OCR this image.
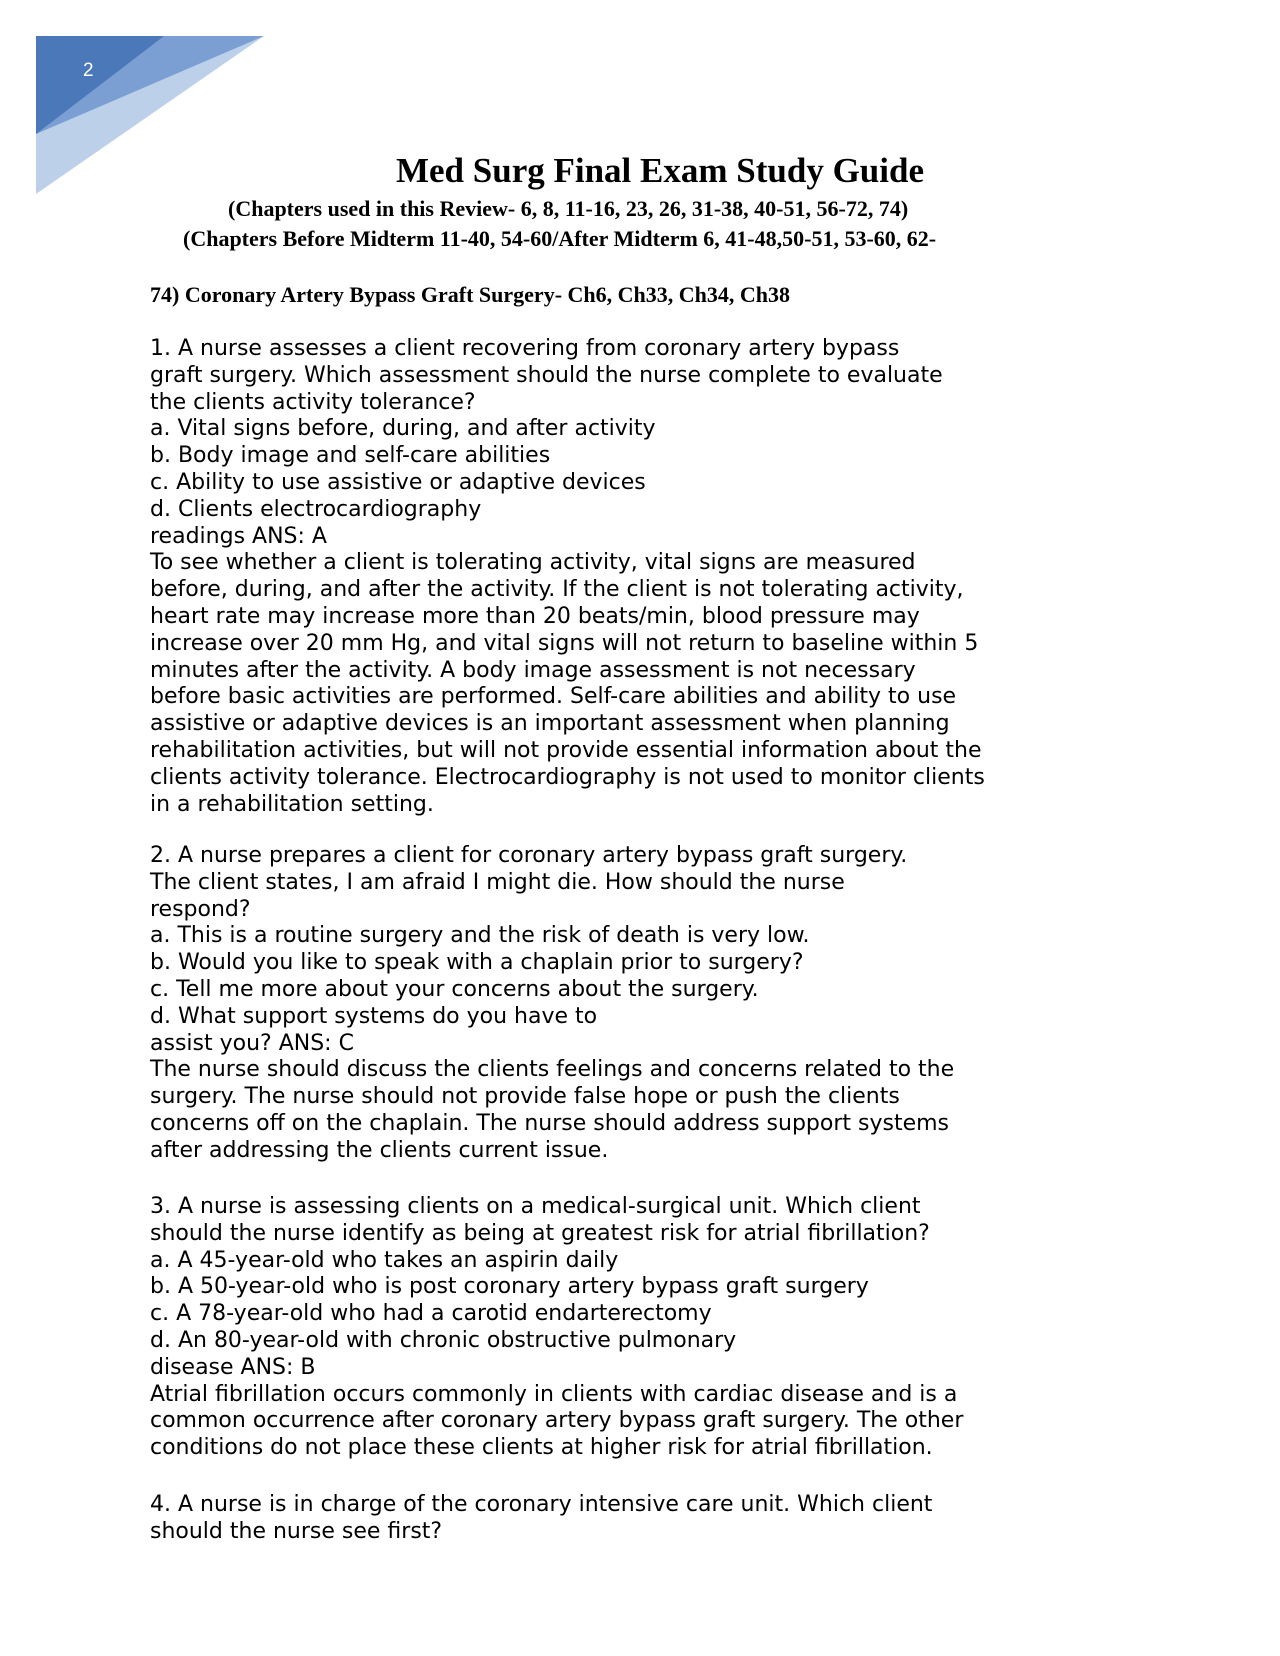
2
Med Surg Final Exam Study Guide

(Chapters used in this Review- 6, 8, 11-16, 23, 26, 31-38, 40-51, 56-72, 74)

(Chapters Before Midterm 11-40, 54-60/After Midterm 6, 41-48,50-51, 53-60, 62-

74) Coronary Artery Bypass Graft Surgery- Ch6, Ch33, Ch34, Ch38
1. A nurse assesses a client recovering from coronary artery bypass
graft surgery. Which assessment should the nurse complete to evaluate
the clients activity tolerance?
a. Vital signs before, during, and after activity
b. Body image and self-care abilities
c. Ability to use assistive or adaptive devices
d. Clients electrocardiography
readings ANS: A
To see whether a client is tolerating activity, vital signs are measured
before, during, and after the activity. If the client is not tolerating activity,
heart rate may increase more than 20 beats/min, blood pressure may
increase over 20 mm Hg, and vital signs will not return to baseline within 5
minutes after the activity. A body image assessment is not necessary
before basic activities are performed. Self-care abilities and ability to use
assistive or adaptive devices is an important assessment when planning
rehabilitation activities, but will not provide essential information about the
clients activity tolerance. Electrocardiography is not used to monitor clients
in a rehabilitation setting.
2. A nurse prepares a client for coronary artery bypass graft surgery.
The client states, I am afraid I might die. How should the nurse
respond?
a. This is a routine surgery and the risk of death is very low.
b. Would you like to speak with a chaplain prior to surgery?
c. Tell me more about your concerns about the surgery.
d. What support systems do you have to
assist you? ANS: C
The nurse should discuss the clients feelings and concerns related to the
surgery. The nurse should not provide false hope or push the clients
concerns off on the chaplain. The nurse should address support systems
after addressing the clients current issue.
3. A nurse is assessing clients on a medical-surgical unit. Which client
should the nurse identify as being at greatest risk for atrial fibrillation?
a. A 45-year-old who takes an aspirin daily
b. A 50-year-old who is post coronary artery bypass graft surgery
c. A 78-year-old who had a carotid endarterectomy
d. An 80-year-old with chronic obstructive pulmonary
disease ANS: B
Atrial fibrillation occurs commonly in clients with cardiac disease and is a
common occurrence after coronary artery bypass graft surgery. The other
conditions do not place these clients at higher risk for atrial fibrillation.
4. A nurse is in charge of the coronary intensive care unit. Which client
should the nurse see first?
